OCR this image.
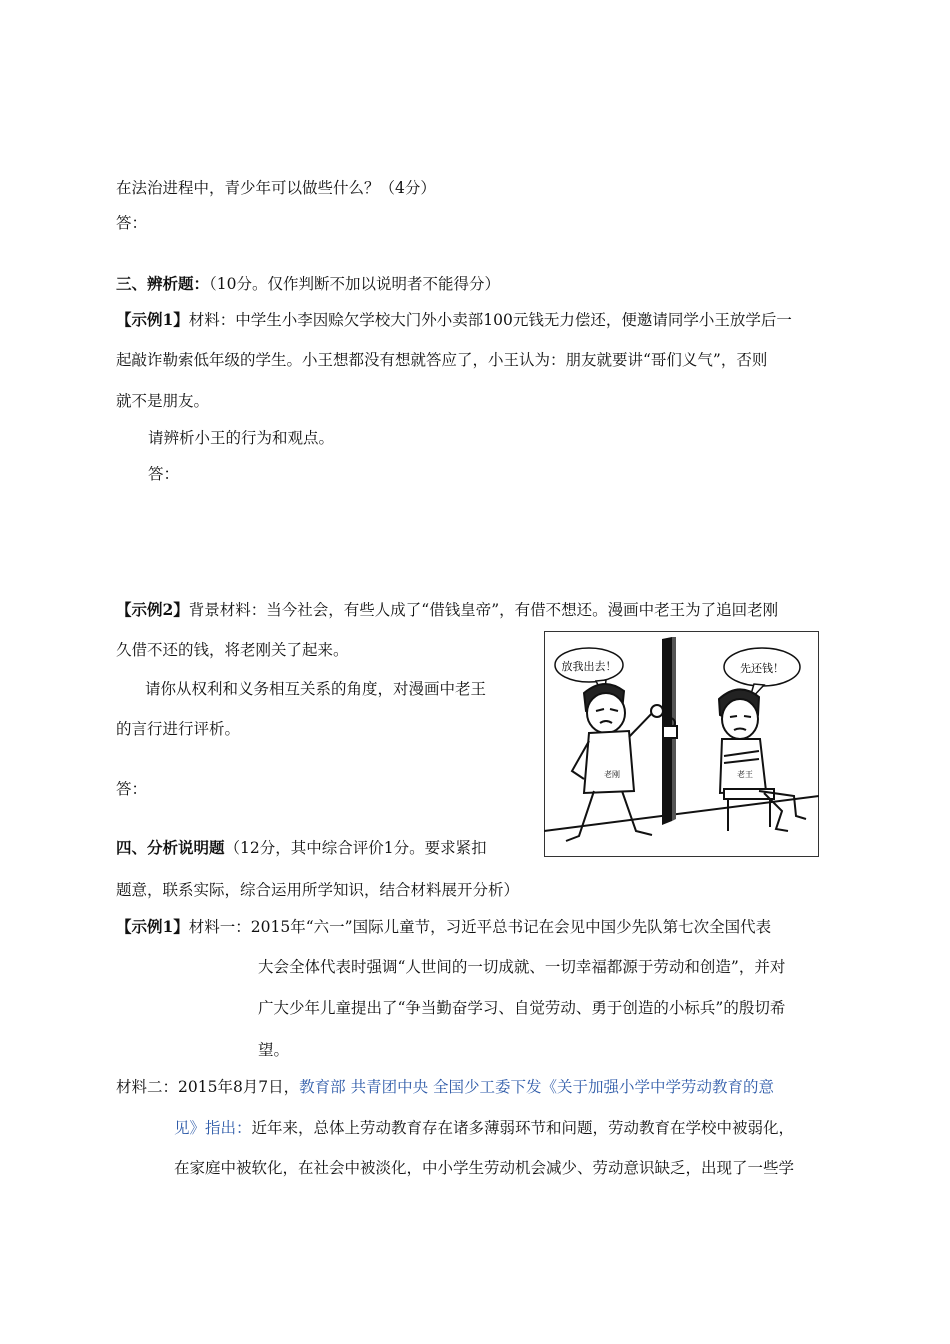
在法治进程中，青少年可以做些什么？（4分）
答：
三、辨析题：（10分。仅作判断不加以说明者不能得分）
【示例1】材料：中学生小李因赊欠学校大门外小卖部100元钱无力偿还，便邀请同学小王放学后一
起敲诈勒索低年级的学生。小王想都没有想就答应了，小王认为：朋友就要讲“哥们义气”，否则
就不是朋友。
请辨析小王的行为和观点。
答：
【示例2】背景材料：当今社会，有些人成了“借钱皇帝”，有借不想还。漫画中老王为了追回老刚
久借不还的钱，将老刚关了起来。
请你从权利和义务相互关系的角度，对漫画中老王
的言行进行评析。
答：
放我出去！	先还钱！
老刚	老王
四、分析说明题（12分，其中综合评价1分。要求紧扣
题意，联系实际，综合运用所学知识，结合材料展开分析）
【示例1】材料一：2015年“六一”国际儿童节，习近平总书记在会见中国少先队第七次全国代表
大会全体代表时强调“人世间的一切成就、一切幸福都源于劳动和创造”，并对
广大少年儿童提出了“争当勤奋学习、自觉劳动、勇于创造的小标兵”的殷切希
望。
材料二：2015年8月7日，教育部 共青团中央 全国少工委下发《关于加强小学中学劳动教育的意
见》指出：近年来，总体上劳动教育存在诸多薄弱环节和问题，劳动教育在学校中被弱化，
在家庭中被软化，在社会中被淡化，中小学生劳动机会减少、劳动意识缺乏，出现了一些学
